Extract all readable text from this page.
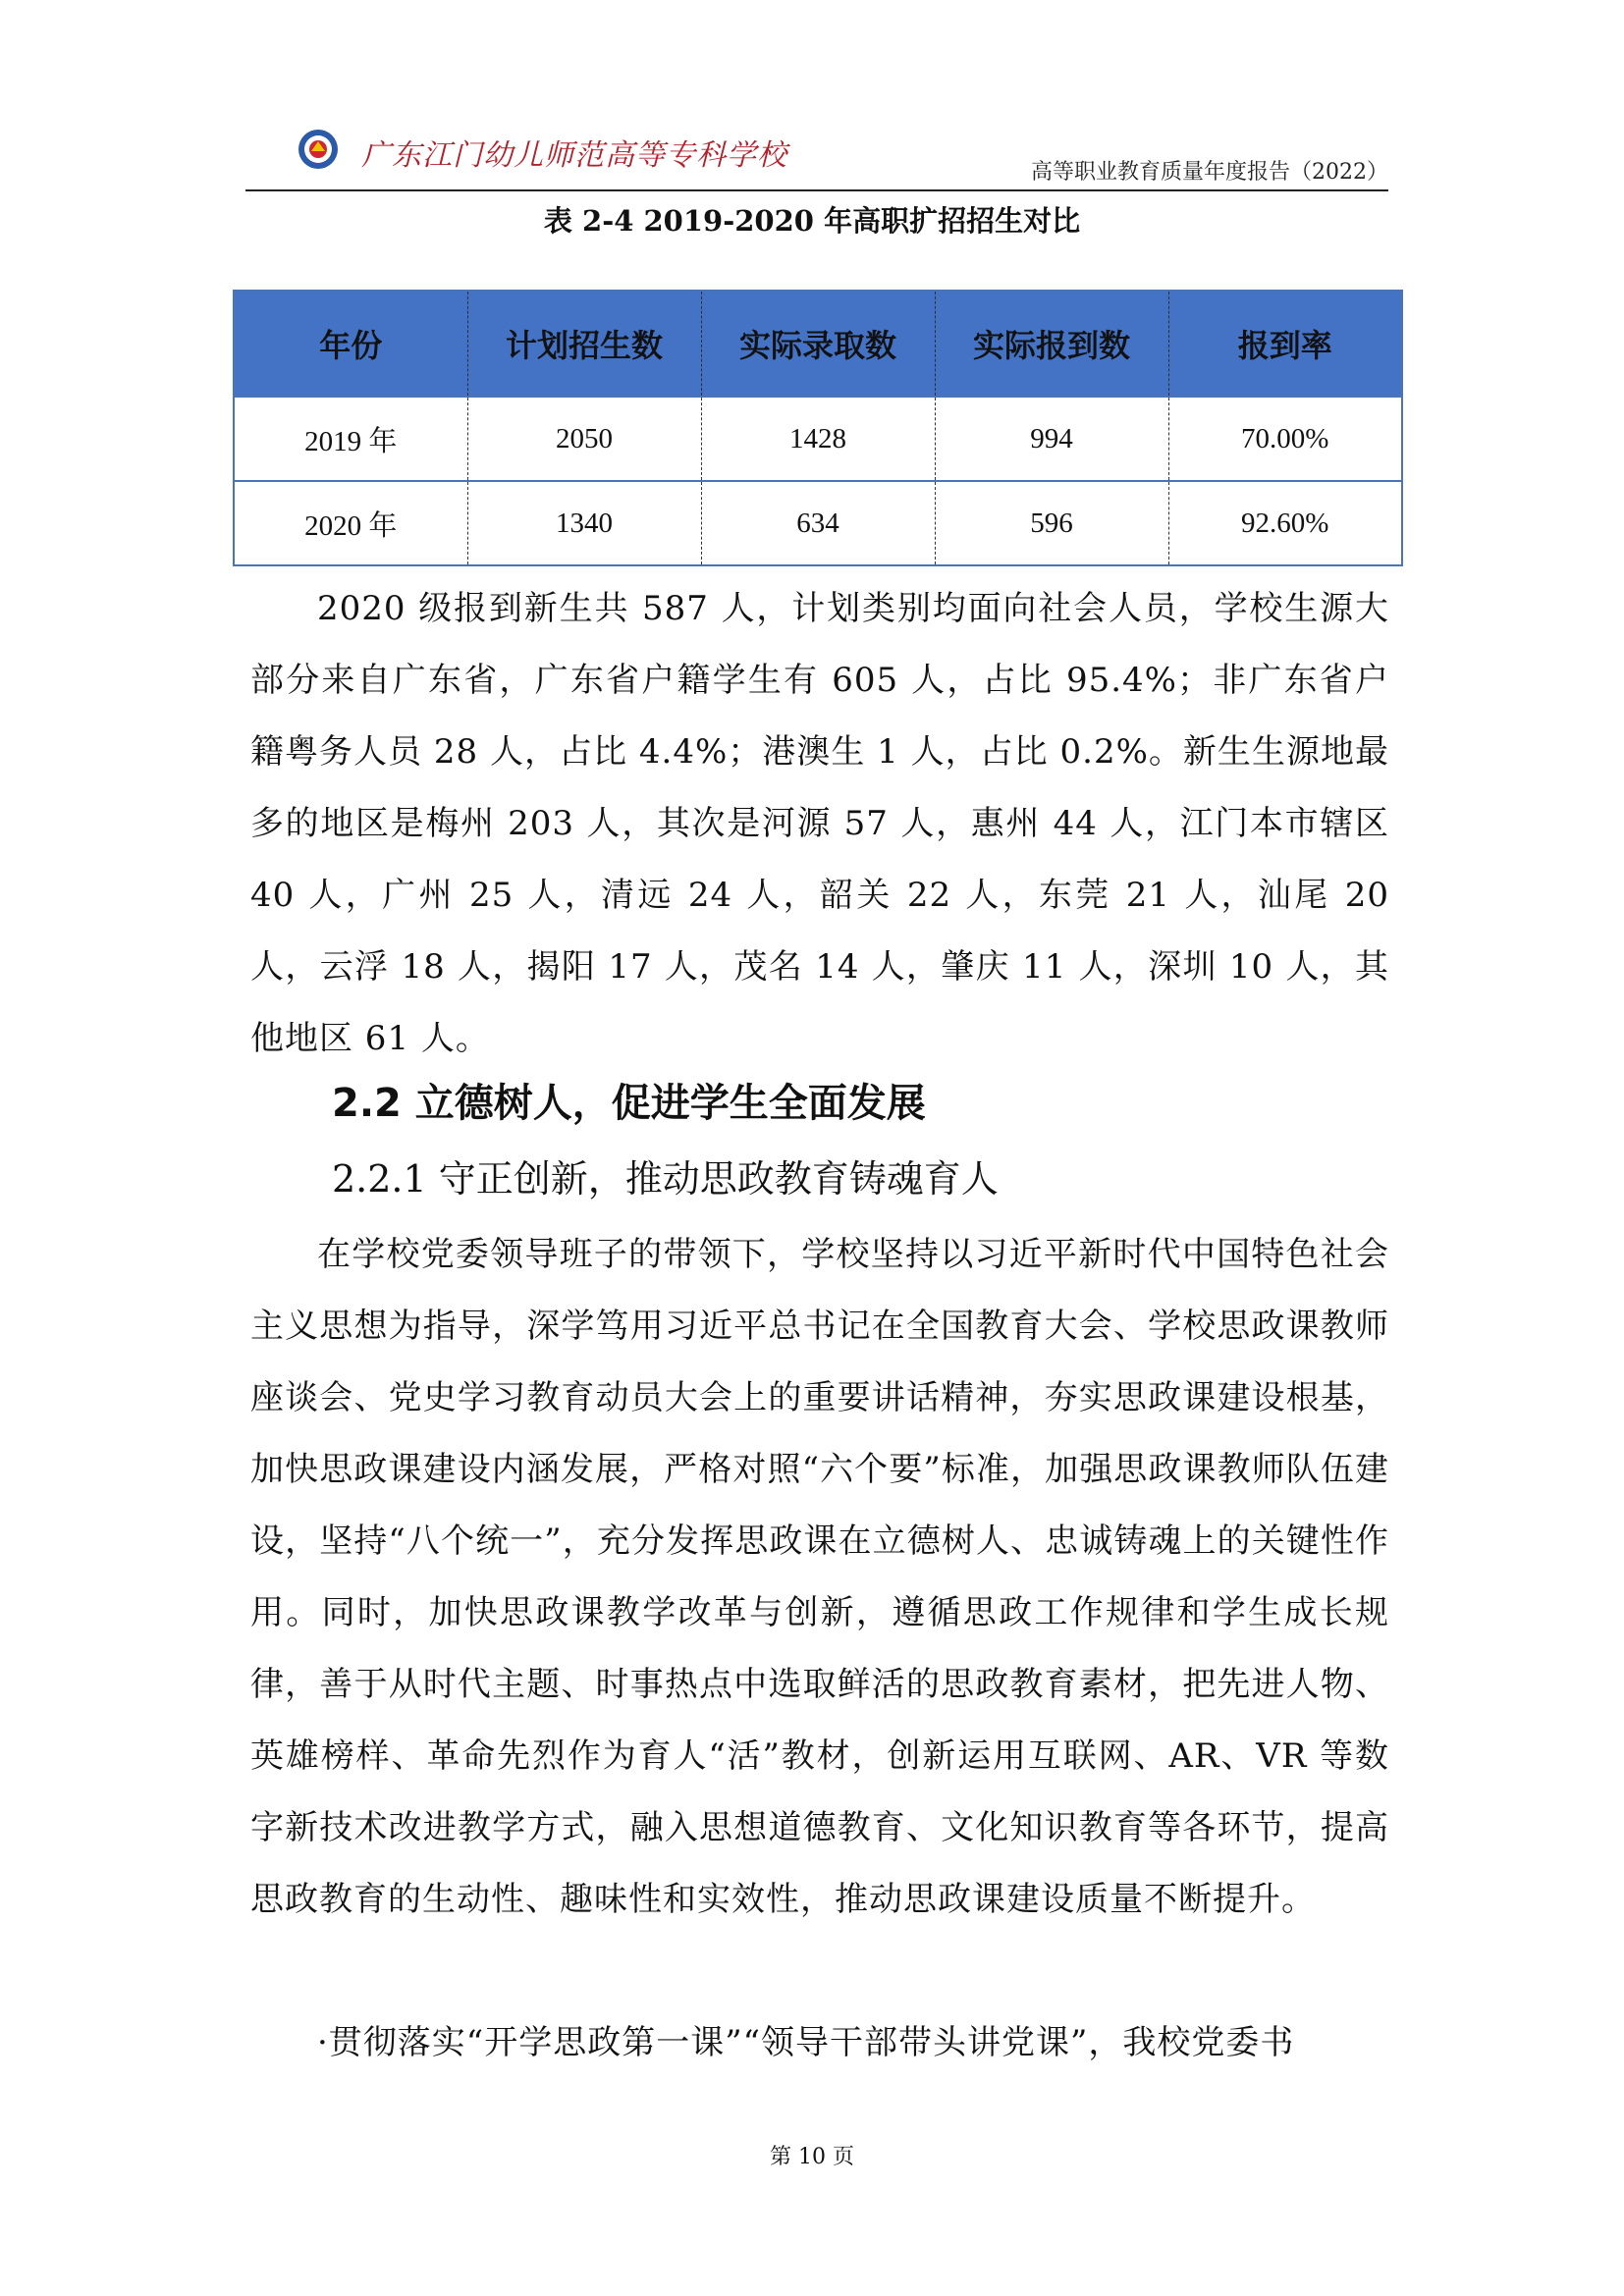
广东江门幼儿师范高等专科学校	高等职业教育质量年度报告（2022）
表 2-4 2019-2020 年高职扩招招生对比
年份	计划招生数	实际录取数	实际报到数	报到率
2019 年	2050	1428	994	70.00%
2020 年	1340	634	596	92.60%

2020 级报到新生共 587 人，计划类别均面向社会人员，学校生源大部分来自广东省，广东省户籍学生有 605 人，占比 95.4%；非广东省户籍粤务人员 28 人，占比 4.4%；港澳生 1 人，占比 0.2%。新生生源地最多的地区是梅州 203 人，其次是河源 57 人，惠州 44 人，江门本市辖区 40 人，广州 25 人，清远 24 人，韶关 22 人，东莞 21 人，汕尾 20 人，云浮 18 人，揭阳 17 人，茂名 14 人，肇庆 11 人，深圳 10 人，其他地区 61 人。

2.2 立德树人，促进学生全面发展
2.2.1 守正创新，推动思政教育铸魂育人

在学校党委领导班子的带领下，学校坚持以习近平新时代中国特色社会主义思想为指导，深学笃用习近平总书记在全国教育大会、学校思政课教师座谈会、党史学习教育动员大会上的重要讲话精神，夯实思政课建设根基，加快思政课建设内涵发展，严格对照“六个要”标准，加强思政课教师队伍建设，坚持“八个统一”，充分发挥思政课在立德树人、忠诚铸魂上的关键性作用。同时，加快思政课教学改革与创新，遵循思政工作规律和学生成长规律，善于从时代主题、时事热点中选取鲜活的思政教育素材，把先进人物、英雄榜样、革命先烈作为育人“活”教材，创新运用互联网、AR、VR 等数字新技术改进教学方式，融入思想道德教育、文化知识教育等各环节，提高思政教育的生动性、趣味性和实效性，推动思政课建设质量不断提升。

·贯彻落实“开学思政第一课”“领导干部带头讲党课”，我校党委书

第 10 页
